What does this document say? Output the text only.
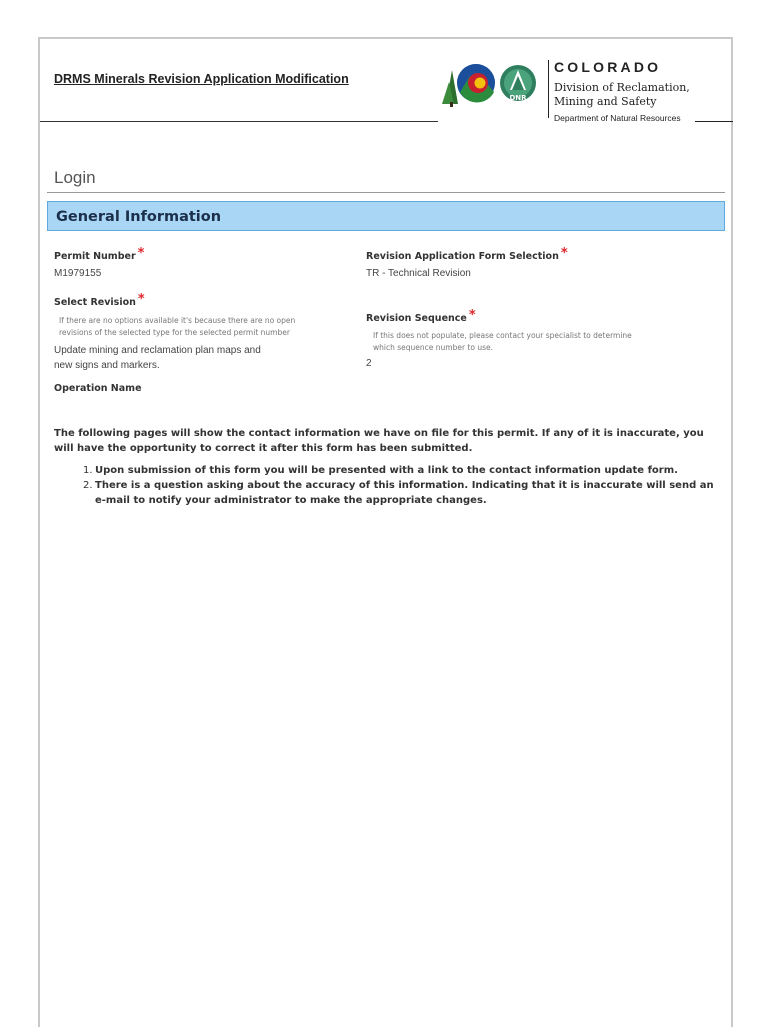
DRMS Minerals Revision Application Modification
DNR
COLORADO
Division of Reclamation,
Mining and Safety
Department of Natural Resources
Login
General Information
Permit Number *
M1979155
Revision Application Form Selection *
TR - Technical Revision
Select Revision *
If there are no options available it's because there are no open
revisions of the selected type for the selected permit number
Update mining and reclamation plan maps and
new signs and markers.
Revision Sequence *
If this does not populate, please contact your specialist to determine
which sequence number to use.
2
Operation Name
The following pages will show the contact information we have on file for this permit. If any of it is inaccurate, you will have the opportunity to correct it after this form has been submitted.
1. Upon submission of this form you will be presented with a link to the contact information update form.
2. There is a question asking about the accuracy of this information. Indicating that it is inaccurate will send an e-mail to notify your administrator to make the appropriate changes.
